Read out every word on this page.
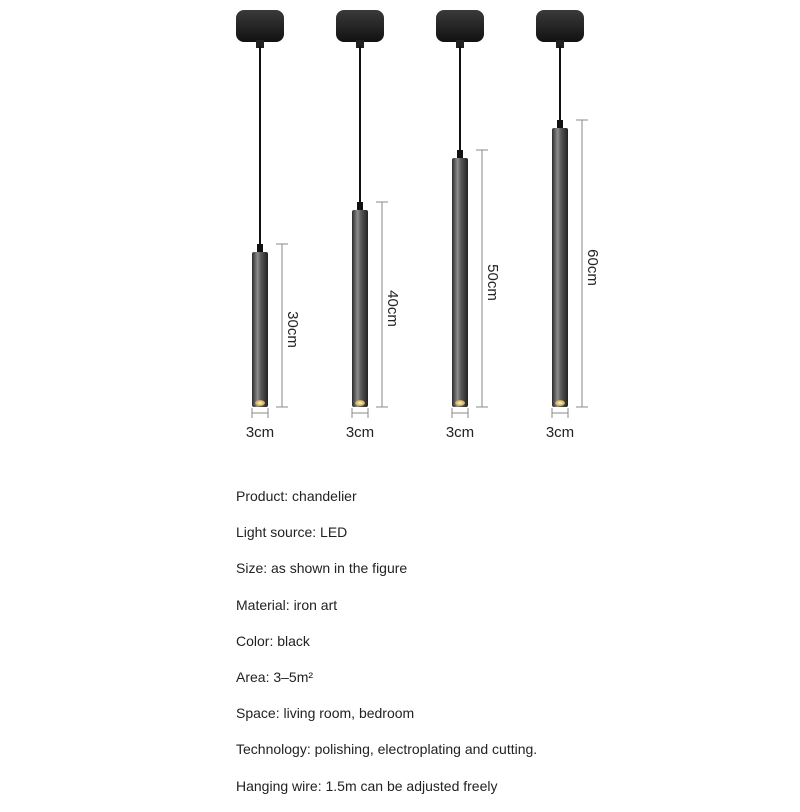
30cm
3cm
40cm
3cm
50cm
3cm
60cm
3cm
Product: chandelier
Light source: LED
Size: as shown in the figure
Material: iron art
Color: black
Area: 3–5m²
Space: living room, bedroom
Technology: polishing, electroplating and cutting.
Hanging wire: 1.5m can be adjusted freely
